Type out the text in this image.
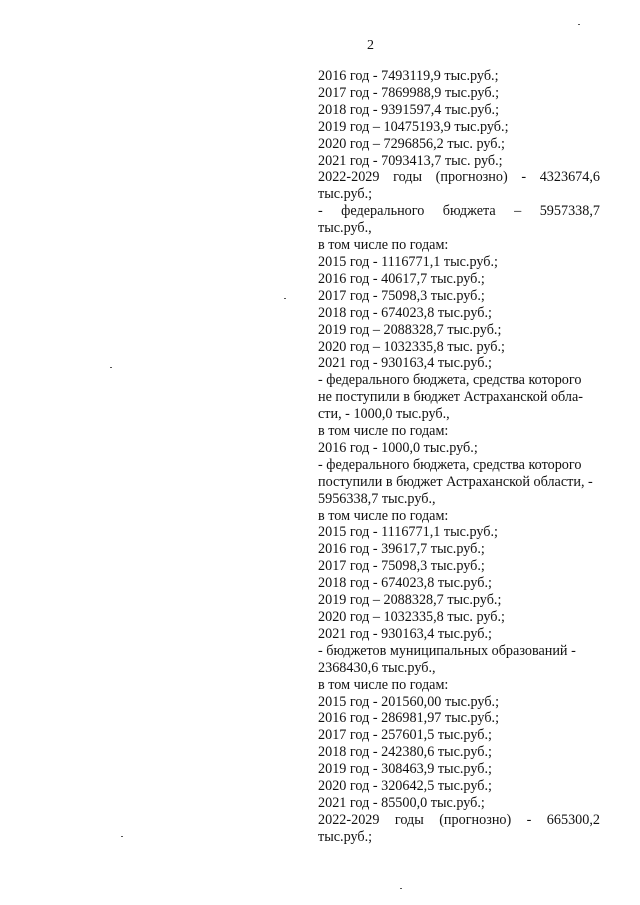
2
2016 год - 7493119,9 тыс.руб.;
2017 год - 7869988,9 тыс.руб.;
2018 год - 9391597,4 тыс.руб.;
2019 год – 10475193,9 тыс.руб.;
2020 год – 7296856,2 тыс. руб.;
2021 год - 7093413,7 тыс. руб.;
2022-2029 годы (прогнозно) - 4323674,6
тыс.руб.;
- федерального бюджета – 5957338,7
тыс.руб.,
в том числе по годам:
2015 год - 1116771,1 тыс.руб.;
2016 год - 40617,7 тыс.руб.;
2017 год - 75098,3 тыс.руб.;
2018 год - 674023,8 тыс.руб.;
2019 год – 2088328,7 тыс.руб.;
2020 год – 1032335,8 тыс. руб.;
2021 год - 930163,4 тыс.руб.;
- федерального бюджета, средства которого
не поступили в бюджет Астраханской обла-
сти, - 1000,0 тыс.руб.,
в том числе по годам:
2016 год - 1000,0 тыс.руб.;
- федерального бюджета, средства которого
поступили в бюджет Астраханской области, -
5956338,7 тыс.руб.,
в том числе по годам:
2015 год - 1116771,1 тыс.руб.;
2016 год - 39617,7 тыс.руб.;
2017 год - 75098,3 тыс.руб.;
2018 год - 674023,8 тыс.руб.;
2019 год – 2088328,7 тыс.руб.;
2020 год – 1032335,8 тыс. руб.;
2021 год - 930163,4 тыс.руб.;
- бюджетов муниципальных образований -
2368430,6 тыс.руб.,
в том числе по годам:
2015 год - 201560,00 тыс.руб.;
2016 год - 286981,97 тыс.руб.;
2017 год - 257601,5 тыс.руб.;
2018 год - 242380,6 тыс.руб.;
2019 год - 308463,9 тыс.руб.;
2020 год - 320642,5 тыс.руб.;
2021 год - 85500,0 тыс.руб.;
2022-2029 годы (прогнозно) - 665300,2
тыс.руб.;
